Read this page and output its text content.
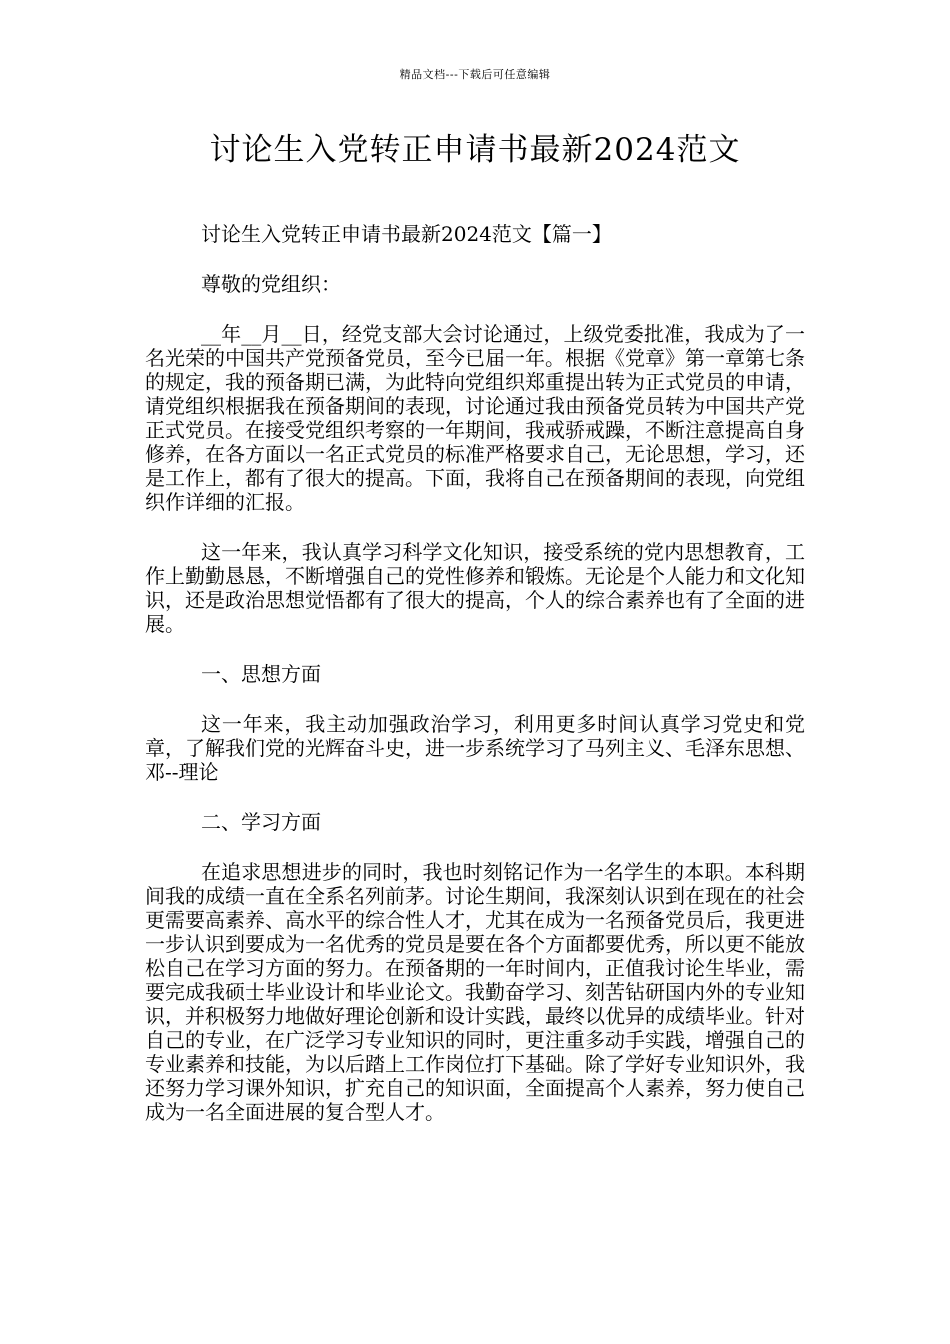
精品文档---下载后可任意编辑
讨论生入党转正申请书最新2024范文

讨论生入党转正申请书最新2024范文【篇一】

尊敬的党组织：

__年__月__日，经党支部大会讨论通过，上级党委批准，我成为了一名光荣的中国共产党预备党员，至今已届一年。根据《党章》第一章第七条的规定，我的预备期已满，为此特向党组织郑重提出转为正式党员的申请，请党组织根据我在预备期间的表现，讨论通过我由预备党员转为中国共产党正式党员。在接受党组织考察的一年期间，我戒骄戒躁，不断注意提高自身修养，在各方面以一名正式党员的标准严格要求自己，无论思想，学习，还是工作上，都有了很大的提高。下面，我将自己在预备期间的表现，向党组织作详细的汇报。

这一年来，我认真学习科学文化知识，接受系统的党内思想教育，工作上勤勤恳恳，不断增强自己的党性修养和锻炼。无论是个人能力和文化知识，还是政治思想觉悟都有了很大的提高，个人的综合素养也有了全面的进展。

一、思想方面

这一年来，我主动加强政治学习，利用更多时间认真学习党史和党章，了解我们党的光辉奋斗史，进一步系统学习了马列主义、毛泽东思想、邓--理论

二、学习方面

在追求思想进步的同时，我也时刻铭记作为一名学生的本职。本科期间我的成绩一直在全系名列前茅。讨论生期间，我深刻认识到在现在的社会更需要高素养、高水平的综合性人才，尤其在成为一名预备党员后，我更进一步认识到要成为一名优秀的党员是要在各个方面都要优秀，所以更不能放松自己在学习方面的努力。在预备期的一年时间内，正值我讨论生毕业，需要完成我硕士毕业设计和毕业论文。我勤奋学习、刻苦钻研国内外的专业知识，并积极努力地做好理论创新和设计实践，最终以优异的成绩毕业。针对自己的专业，在广泛学习专业知识的同时，更注重多动手实践，增强自己的专业素养和技能，为以后踏上工作岗位打下基础。除了学好专业知识外，我还努力学习课外知识，扩充自己的知识面，全面提高个人素养，努力使自己成为一名全面进展的复合型人才。
